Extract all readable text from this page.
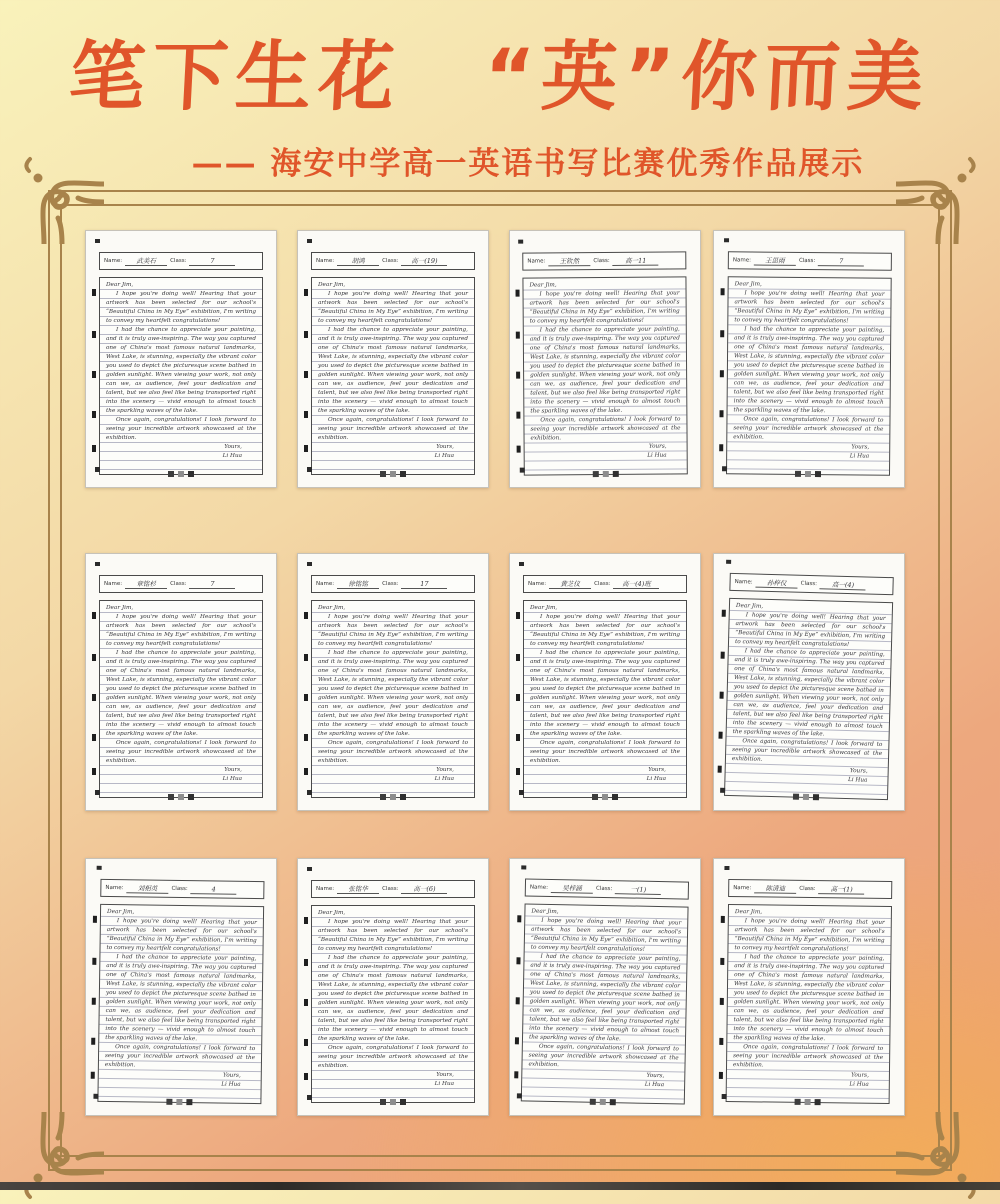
笔下生花　“英”你而美
—— 海安中学高一英语书写比赛优秀作品展示
Name:	武美石	Class:	7
Dear Jim,

I hope you're doing well! Hearing that your artwork has been selected for our school's “Beautiful China in My Eye” exhibition, I'm writing to convey my heartfelt congratulations!

I had the chance to appreciate your painting, and it is truly awe-inspiring. The way you captured one of China's most famous natural landmarks, West Lake, is stunning, especially the vibrant color you used to depict the picturesque scene bathed in golden sunlight. When viewing your work, not only can we, as audience, feel your dedication and talent, but we also feel like being transported right into the scenery — vivid enough to almost touch the sparkling waves of the lake.

Once again, congratulations! I look forward to seeing your incredible artwork showcased at the exhibition.

Yours,
Li Hua
Name:	胡鸿	Class:	高一(19)
Dear Jim,

I hope you're doing well! Hearing that your artwork has been selected for our school's “Beautiful China in My Eye” exhibition, I'm writing to convey my heartfelt congratulations!

I had the chance to appreciate your painting, and it is truly awe-inspiring. The way you captured one of China's most famous natural landmarks, West Lake, is stunning, especially the vibrant color you used to depict the picturesque scene bathed in golden sunlight. When viewing your work, not only can we, as audience, feel your dedication and talent, but we also feel like being transported right into the scenery — vivid enough to almost touch the sparkling waves of the lake.

Once again, congratulations! I look forward to seeing your incredible artwork showcased at the exhibition.

Yours,
Li Hua
Name:	王钦然	Class:	高一11
Dear Jim,

I hope you're doing well! Hearing that your artwork has been selected for our school's “Beautiful China in My Eye” exhibition, I'm writing to convey my heartfelt congratulations!

I had the chance to appreciate your painting, and it is truly awe-inspiring. The way you captured one of China's most famous natural landmarks, West Lake, is stunning, especially the vibrant color you used to depict the picturesque scene bathed in golden sunlight. When viewing your work, not only can we, as audience, feel your dedication and talent, but we also feel like being transported right into the scenery — vivid enough to almost touch the sparkling waves of the lake.

Once again, congratulations! I look forward to seeing your incredible artwork showcased at the exhibition.

Yours,
Li Hua
Name:	王思雨	Class:	7
Dear Jim,

I hope you're doing well! Hearing that your artwork has been selected for our school's “Beautiful China in My Eye” exhibition, I'm writing to convey my heartfelt congratulations!

I had the chance to appreciate your painting, and it is truly awe-inspiring. The way you captured one of China's most famous natural landmarks, West Lake, is stunning, especially the vibrant color you used to depict the picturesque scene bathed in golden sunlight. When viewing your work, not only can we, as audience, feel your dedication and talent, but we also feel like being transported right into the scenery — vivid enough to almost touch the sparkling waves of the lake.

Once again, congratulations! I look forward to seeing your incredible artwork showcased at the exhibition.

Yours,
Li Hua
Name:	章铭杉	Class:	7
Dear Jim,

I hope you're doing well! Hearing that your artwork has been selected for our school's “Beautiful China in My Eye” exhibition, I'm writing to convey my heartfelt congratulations!

I had the chance to appreciate your painting, and it is truly awe-inspiring. The way you captured one of China's most famous natural landmarks, West Lake, is stunning, especially the vibrant color you used to depict the picturesque scene bathed in golden sunlight. When viewing your work, not only can we, as audience, feel your dedication and talent, but we also feel like being transported right into the scenery — vivid enough to almost touch the sparkling waves of the lake.

Once again, congratulations! I look forward to seeing your incredible artwork showcased at the exhibition.

Yours,
Li Hua
Name:	徐铭铭	Class:	17
Dear Jim,

I hope you're doing well! Hearing that your artwork has been selected for our school's “Beautiful China in My Eye” exhibition, I'm writing to convey my heartfelt congratulations!

I had the chance to appreciate your painting, and it is truly awe-inspiring. The way you captured one of China's most famous natural landmarks, West Lake, is stunning, especially the vibrant color you used to depict the picturesque scene bathed in golden sunlight. When viewing your work, not only can we, as audience, feel your dedication and talent, but we also feel like being transported right into the scenery — vivid enough to almost touch the sparkling waves of the lake.

Once again, congratulations! I look forward to seeing your incredible artwork showcased at the exhibition.

Yours,
Li Hua
Name:	黄芝仪	Class:	高一(4)班
Dear Jim,

I hope you're doing well! Hearing that your artwork has been selected for our school's “Beautiful China in My Eye” exhibition, I'm writing to convey my heartfelt congratulations!

I had the chance to appreciate your painting, and it is truly awe-inspiring. The way you captured one of China's most famous natural landmarks, West Lake, is stunning, especially the vibrant color you used to depict the picturesque scene bathed in golden sunlight. When viewing your work, not only can we, as audience, feel your dedication and talent, but we also feel like being transported right into the scenery — vivid enough to almost touch the sparkling waves of the lake.

Once again, congratulations! I look forward to seeing your incredible artwork showcased at the exhibition.

Yours,
Li Hua
Name:	孙梓仪	Class:	高一(4)
Dear Jim,

I hope you're doing well! Hearing that your artwork has been selected for our school's “Beautiful China in My Eye” exhibition, I'm writing to convey my heartfelt congratulations!

I had the chance to appreciate your painting, and it is truly awe-inspiring. The way you captured one of China's most famous natural landmarks, West Lake, is stunning, especially the vibrant color you used to depict the picturesque scene bathed in golden sunlight. When viewing your work, not only can we, as audience, feel your dedication and talent, but we also feel like being transported right into the scenery — vivid enough to almost touch the sparkling waves of the lake.

Once again, congratulations! I look forward to seeing your incredible artwork showcased at the exhibition.

Yours,
Li Hua
Name:	刘相英	Class:	4
Dear Jim,

I hope you're doing well! Hearing that your artwork has been selected for our school's “Beautiful China in My Eye” exhibition, I'm writing to convey my heartfelt congratulations!

I had the chance to appreciate your painting, and it is truly awe-inspiring. The way you captured one of China's most famous natural landmarks, West Lake, is stunning, especially the vibrant color you used to depict the picturesque scene bathed in golden sunlight. When viewing your work, not only can we, as audience, feel your dedication and talent, but we also feel like being transported right into the scenery — vivid enough to almost touch the sparkling waves of the lake.

Once again, congratulations! I look forward to seeing your incredible artwork showcased at the exhibition.

Yours,
Li Hua
Name:	张铭华	Class:	高一(6)
Dear Jim,

I hope you're doing well! Hearing that your artwork has been selected for our school's “Beautiful China in My Eye” exhibition, I'm writing to convey my heartfelt congratulations!

I had the chance to appreciate your painting, and it is truly awe-inspiring. The way you captured one of China's most famous natural landmarks, West Lake, is stunning, especially the vibrant color you used to depict the picturesque scene bathed in golden sunlight. When viewing your work, not only can we, as audience, feel your dedication and talent, but we also feel like being transported right into the scenery — vivid enough to almost touch the sparkling waves of the lake.

Once again, congratulations! I look forward to seeing your incredible artwork showcased at the exhibition.

Yours,
Li Hua
Name:	吴梓涵	Class:	一(1)
Dear Jim,

I hope you're doing well! Hearing that your artwork has been selected for our school's “Beautiful China in My Eye” exhibition, I'm writing to convey my heartfelt congratulations!

I had the chance to appreciate your painting, and it is truly awe-inspiring. The way you captured one of China's most famous natural landmarks, West Lake, is stunning, especially the vibrant color you used to depict the picturesque scene bathed in golden sunlight. When viewing your work, not only can we, as audience, feel your dedication and talent, but we also feel like being transported right into the scenery — vivid enough to almost touch the sparkling waves of the lake.

Once again, congratulations! I look forward to seeing your incredible artwork showcased at the exhibition.

Yours,
Li Hua
Name:	陈清迪	Class:	高一(1)
Dear Jim,

I hope you're doing well! Hearing that your artwork has been selected for our school's “Beautiful China in My Eye” exhibition, I'm writing to convey my heartfelt congratulations!

I had the chance to appreciate your painting, and it is truly awe-inspiring. The way you captured one of China's most famous natural landmarks, West Lake, is stunning, especially the vibrant color you used to depict the picturesque scene bathed in golden sunlight. When viewing your work, not only can we, as audience, feel your dedication and talent, but we also feel like being transported right into the scenery — vivid enough to almost touch the sparkling waves of the lake.

Once again, congratulations! I look forward to seeing your incredible artwork showcased at the exhibition.

Yours,
Li Hua
